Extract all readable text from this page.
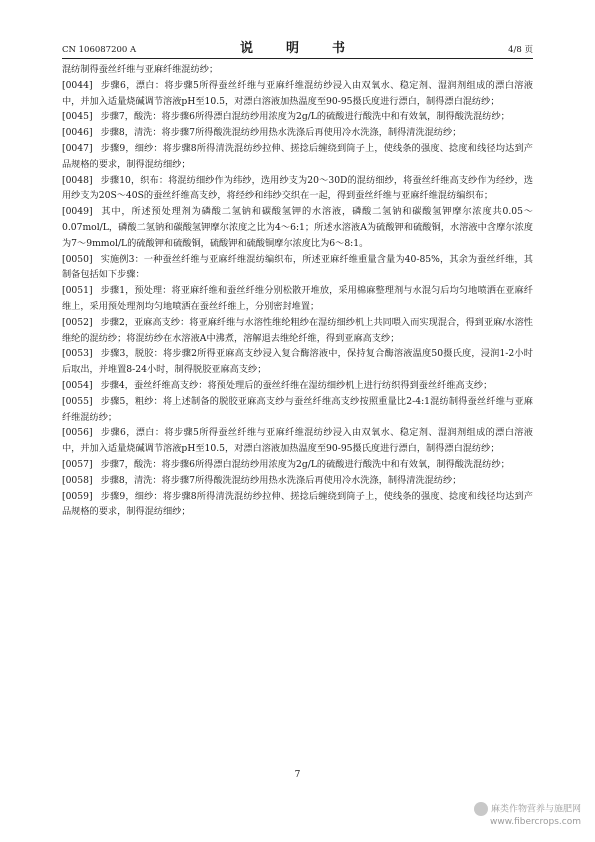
CN 106087200 A	说　明　书	4/8 页

混纺制得蚕丝纤维与亚麻纤维混纺纱；

[0044] 步骤6，漂白：将步骤5所得蚕丝纤维与亚麻纤维混纺纱浸入由双氧水、稳定剂、湿润剂组成的漂白溶液中，并加入适量烧碱调节溶液pH至10.5，对漂白溶液加热温度至90-95摄氏度进行漂白，制得漂白混纺纱；

[0045] 步骤7，酸洗：将步骤6所得漂白混纺纱用浓度为2g/L的硫酸进行酸洗中和有效氧，制得酸洗混纺纱；

[0046] 步骤8，清洗：将步骤7所得酸洗混纺纱用热水洗涤后再使用冷水洗涤，制得清洗混纺纱；

[0047] 步骤9，细纱：将步骤8所得清洗混纺纱拉伸、搓捻后缠绕到筒子上，使线条的强度、捻度和线径均达到产品规格的要求，制得混纺细纱；

[0048] 步骤10，织布：将混纺细纱作为纬纱，选用纱支为20～30D的混纺细纱，将蚕丝纤维高支纱作为经纱，选用纱支为20S～40S的蚕丝纤维高支纱，将经纱和纬纱交织在一起，得到蚕丝纤维与亚麻纤维混纺编织布；

[0049] 其中，所述预处理剂为磷酸二氢钠和碳酸氢钾的水溶液，磷酸二氢钠和碳酸氢钾摩尔浓度共0.05～0.07mol/L，磷酸二氢钠和碳酸氢钾摩尔浓度之比为4～6:1；所述水溶液A为硫酸钾和硫酸铜，水溶液中含摩尔浓度为7～9mmol/L的硫酸钾和硫酸铜，硫酸钾和硫酸铜摩尔浓度比为6～8:1。

[0050] 实施例3：一种蚕丝纤维与亚麻纤维混纺编织布，所述亚麻纤维重量含量为40-85%，其余为蚕丝纤维，其制备包括如下步骤：

[0051] 步骤1，预处理：将亚麻纤维和蚕丝纤维分别松散开堆放，采用棉麻整理剂与水混匀后均匀地喷洒在亚麻纤维上，采用预处理剂均匀地喷洒在蚕丝纤维上，分别密封堆置；

[0052] 步骤2，亚麻高支纱：将亚麻纤维与水溶性维纶粗纱在湿纺细纱机上共同喂入而实现混合，得到亚麻/水溶性维纶的混纺纱；将混纺纱在水溶液A中沸煮，溶解退去维纶纤维，得到亚麻高支纱；

[0053] 步骤3，脱胶：将步骤2所得亚麻高支纱浸入复合酶溶液中，保持复合酶溶液温度50摄氏度，浸润1-2小时后取出，并堆置8-24小时，制得脱胶亚麻高支纱；

[0054] 步骤4，蚕丝纤维高支纱：将预处理后的蚕丝纤维在湿纺细纱机上进行纺织得到蚕丝纤维高支纱；

[0055] 步骤5，粗纱：将上述制备的脱胶亚麻高支纱与蚕丝纤维高支纱按照重量比2-4:1混纺制得蚕丝纤维与亚麻纤维混纺纱；

[0056] 步骤6，漂白：将步骤5所得蚕丝纤维与亚麻纤维混纺纱浸入由双氧水、稳定剂、湿润剂组成的漂白溶液中，并加入适量烧碱调节溶液pH至10.5，对漂白溶液加热温度至90-95摄氏度进行漂白，制得漂白混纺纱；

[0057] 步骤7，酸洗：将步骤6所得漂白混纺纱用浓度为2g/L的硫酸进行酸洗中和有效氧，制得酸洗混纺纱；

[0058] 步骤8，清洗：将步骤7所得酸洗混纺纱用热水洗涤后再使用冷水洗涤，制得清洗混纺纱；

[0059] 步骤9，细纱：将步骤8所得清洗混纺纱拉伸、搓捻后缠绕到筒子上，使线条的强度、捻度和线径均达到产品规格的要求，制得混纺细纱；

7
麻类作物营养与施肥网
www.fibercrops.com
